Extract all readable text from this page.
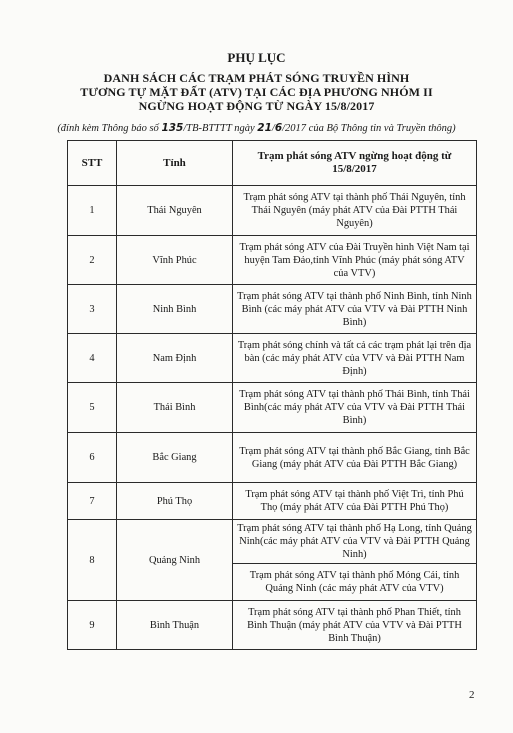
PHỤ LỤC
DANH SÁCH CÁC TRẠM PHÁT SÓNG TRUYỀN HÌNH
TƯƠNG TỰ MẶT ĐẤT (ATV) TẠI CÁC ĐỊA PHƯƠNG NHÓM II
NGỪNG HOẠT ĐỘNG TỪ NGÀY 15/8/2017
(đính kèm Thông báo số 135/TB-BTTTT ngày 21/6/2017 của Bộ Thông tin và Truyền thông)
STT	Tỉnh	Trạm phát sóng ATV ngừng hoạt động từ 15/8/2017
1	Thái Nguyên	Trạm phát sóng ATV tại thành phố Thái Nguyên, tỉnh Thái Nguyên (máy phát ATV của Đài PTTH Thái Nguyên)
2	Vĩnh Phúc	Trạm phát sóng ATV của Đài Truyền hình Việt Nam tại huyện Tam Đảo,tỉnh Vĩnh Phúc (máy phát sóng ATV của VTV)
3	Ninh Bình	Trạm phát sóng ATV tại thành phố Ninh Bình, tỉnh Ninh Bình (các máy phát ATV của VTV và Đài PTTH Ninh Bình)
4	Nam Định	Trạm phát sóng chính và tất cả các trạm phát lại trên địa bàn (các máy phát ATV của VTV và Đài PTTH Nam Định)
5	Thái Bình	Trạm phát sóng ATV tại thành phố Thái Bình, tỉnh Thái Bình(các máy phát ATV của VTV và Đài PTTH Thái Bình)
6	Bắc Giang	Trạm phát sóng ATV tại thành phố Bắc Giang, tỉnh Bắc Giang (máy phát ATV của Đài PTTH Bắc Giang)
7	Phú Thọ	Trạm phát sóng ATV tại thành phố Việt Trì, tỉnh Phú Thọ (máy phát ATV của Đài PTTH Phú Thọ)
8	Quảng Ninh	Trạm phát sóng ATV tại thành phố Hạ Long, tỉnh Quảng Ninh(các máy phát ATV của VTV và Đài PTTH Quảng Ninh)
		Trạm phát sóng ATV tại thành phố Móng Cái, tỉnh Quảng Ninh (các máy phát ATV của VTV)
9	Bình Thuận	Trạm phát sóng ATV tại thành phố Phan Thiết, tỉnh Bình Thuận (máy phát ATV của VTV và Đài PTTH Bình Thuận)
2
